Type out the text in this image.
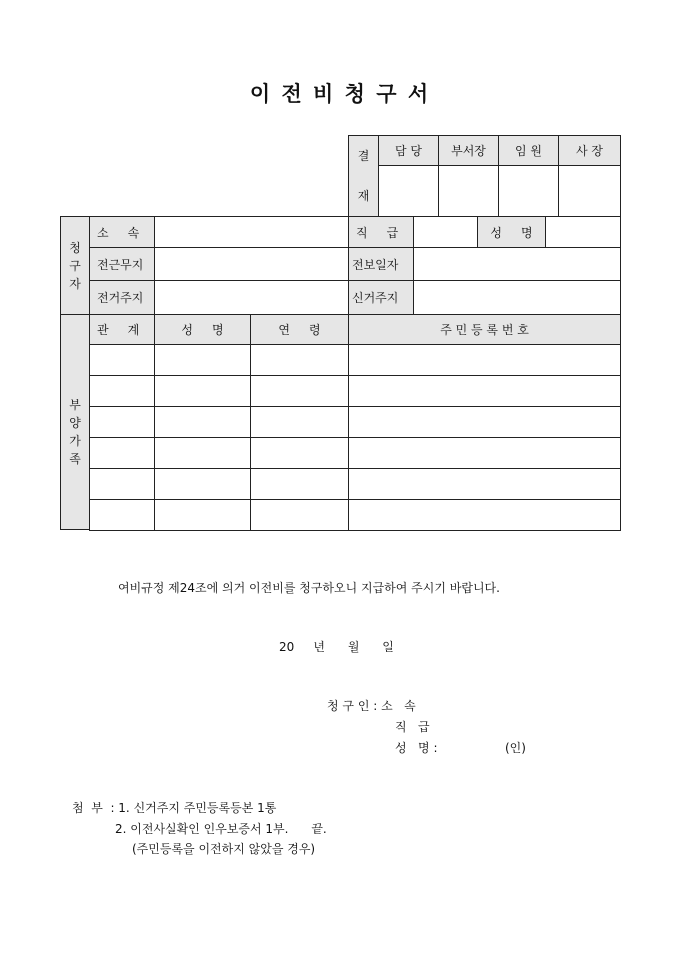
이 전 비 청 구 서
결
재
담 당	부서장	임 원	사 장
청
구
자
소     속	직     급	성     명
전근무지	전보일자
전거주지	신거주지
부
양
가
족
관     계	성     명	연     령	주 민 등 록 번 호
여비규정 제24조에 의거 이전비를 청구하오니 지급하여 주시기 바랍니다.
20     년      월      일
청 구 인 : 소   속
직   급
성   명 :	(인)
첨  부  : 1. 신거주지 주민등록등본 1통
2. 이전사실확인 인우보증서 1부.      끝.
(주민등록을 이전하지 않았을 경우)
